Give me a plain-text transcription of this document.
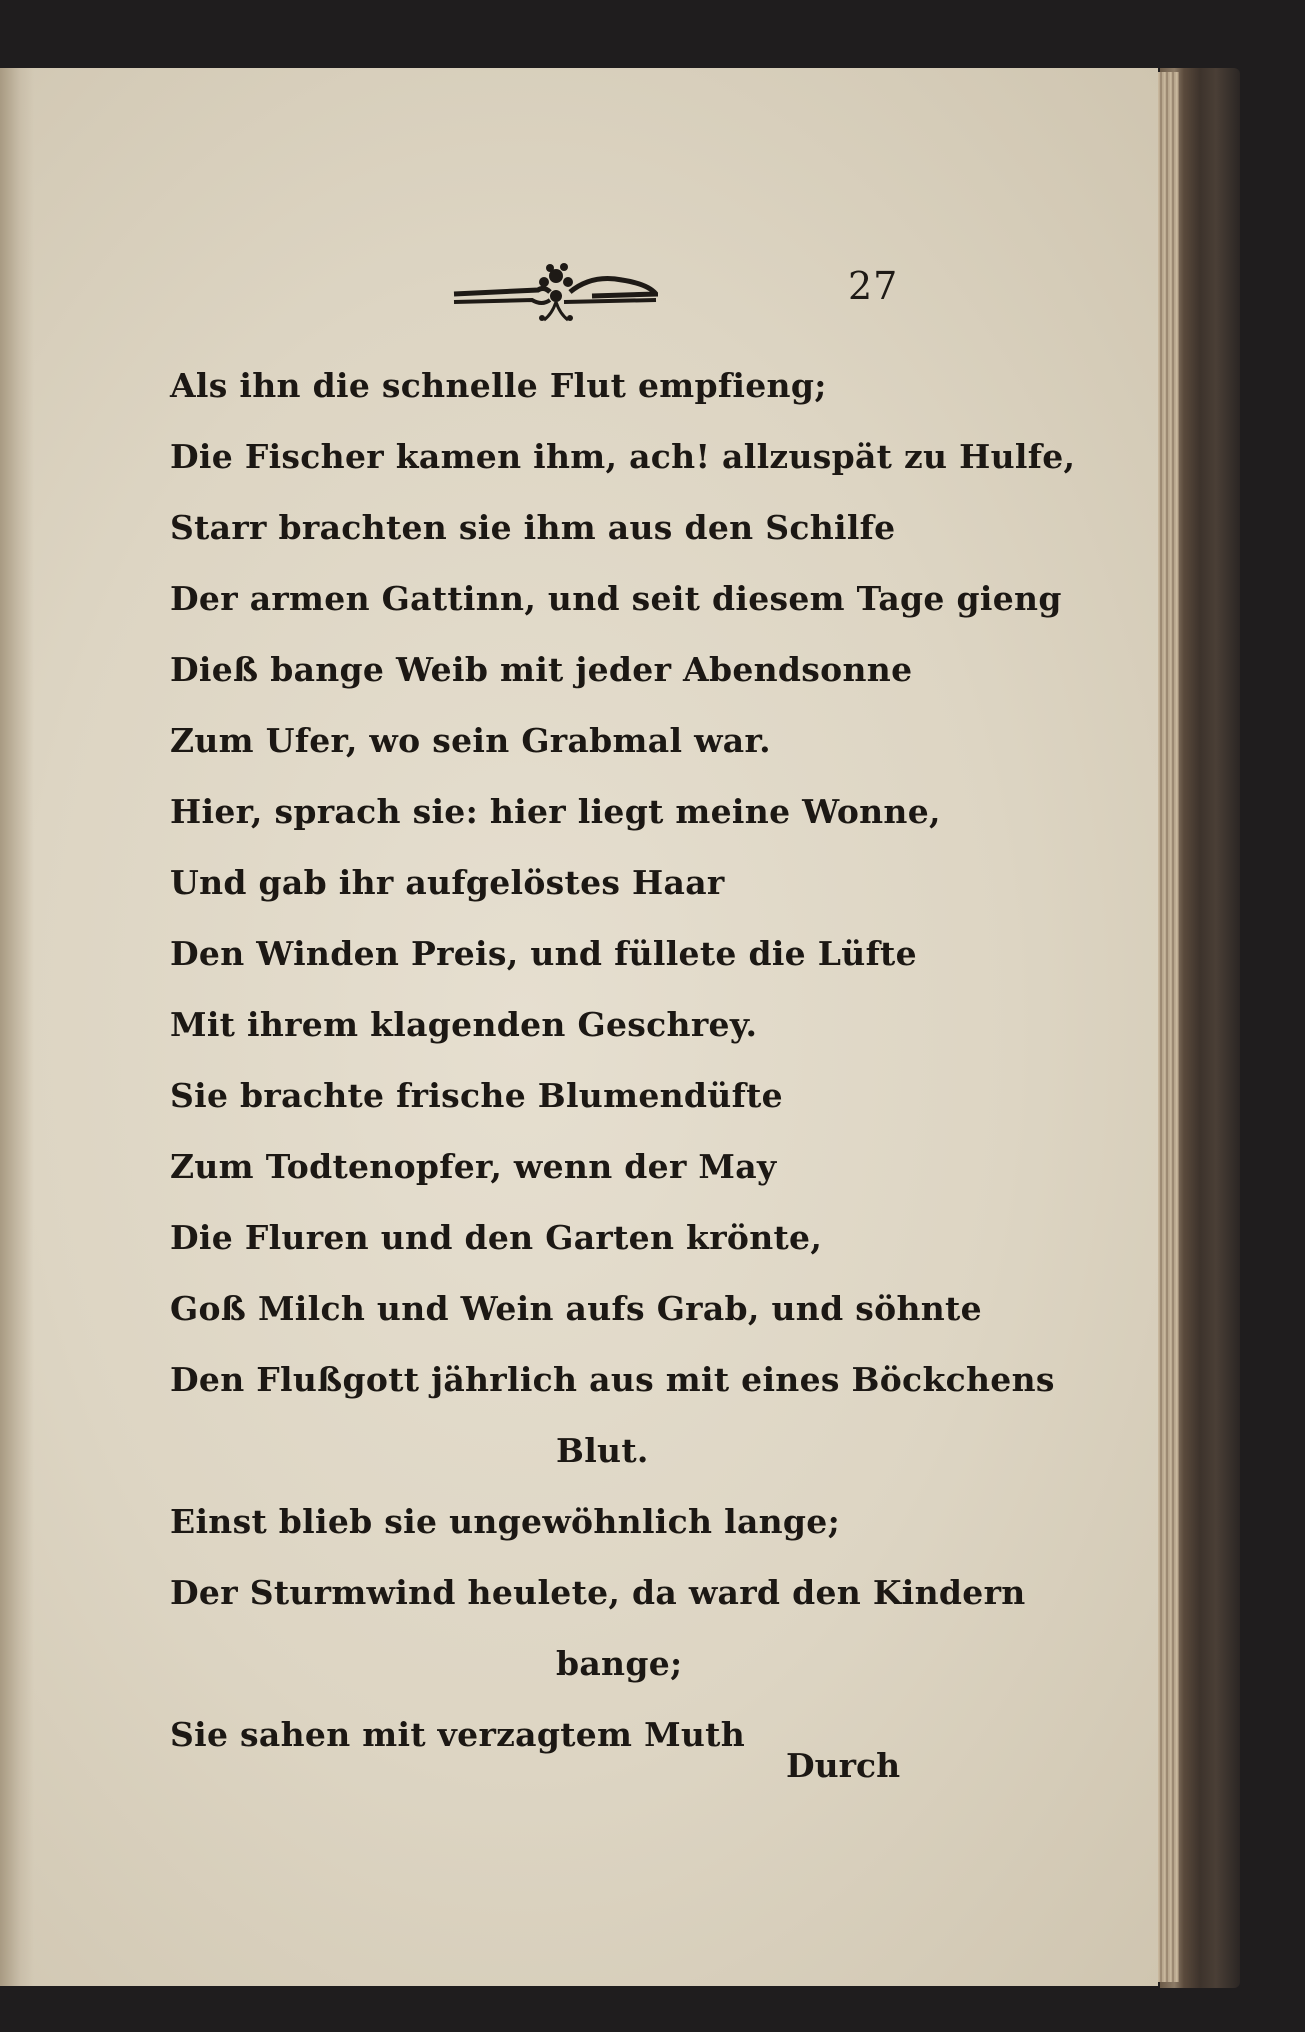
27
Als ihn die schnelle Flut empfieng;
Die Fischer kamen ihm, ach! allzuspät zu Hulfe,
Starr brachten sie ihm aus den Schilfe
Der armen Gattinn, und seit diesem Tage gieng
Dieß bange Weib mit jeder Abendsonne
Zum Ufer, wo sein Grabmal war.
Hier, sprach sie: hier liegt meine Wonne,
Und gab ihr aufgelöstes Haar
Den Winden Preis, und füllete die Lüfte
Mit ihrem klagenden Geschrey.
Sie brachte frische Blumendüfte
Zum Todtenopfer, wenn der May
Die Fluren und den Garten krönte,
Goß Milch und Wein aufs Grab, und söhnte
Den Flußgott jährlich aus mit eines Böckchens
Blut.
Einst blieb sie ungewöhnlich lange;
Der Sturmwind heulete, da ward den Kindern
bange;
Sie sahen mit verzagtem Muth
Durch
